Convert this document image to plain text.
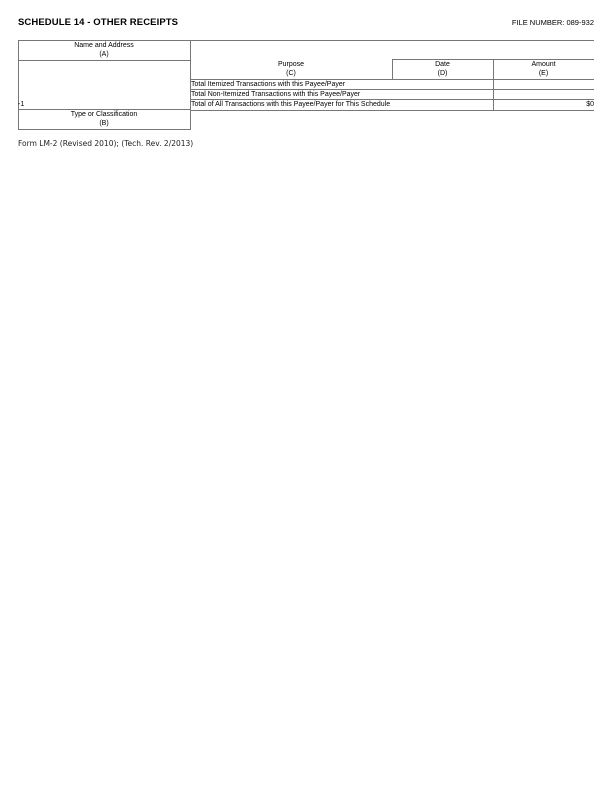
SCHEDULE 14 - OTHER RECEIPTS	FILE NUMBER: 089-932
Name and Address
(A)
Purpose
(C)
Date
(D)
Amount
(E)
Total Itemized Transactions with this Payee/Payer
Total Non-Itemized Transactions with this Payee/Payer
Total of All Transactions with this Payee/Payer for This Schedule	$0
-1
Type or Classification
(B)
Form LM-2 (Revised 2010); (Tech. Rev. 2/2013)
